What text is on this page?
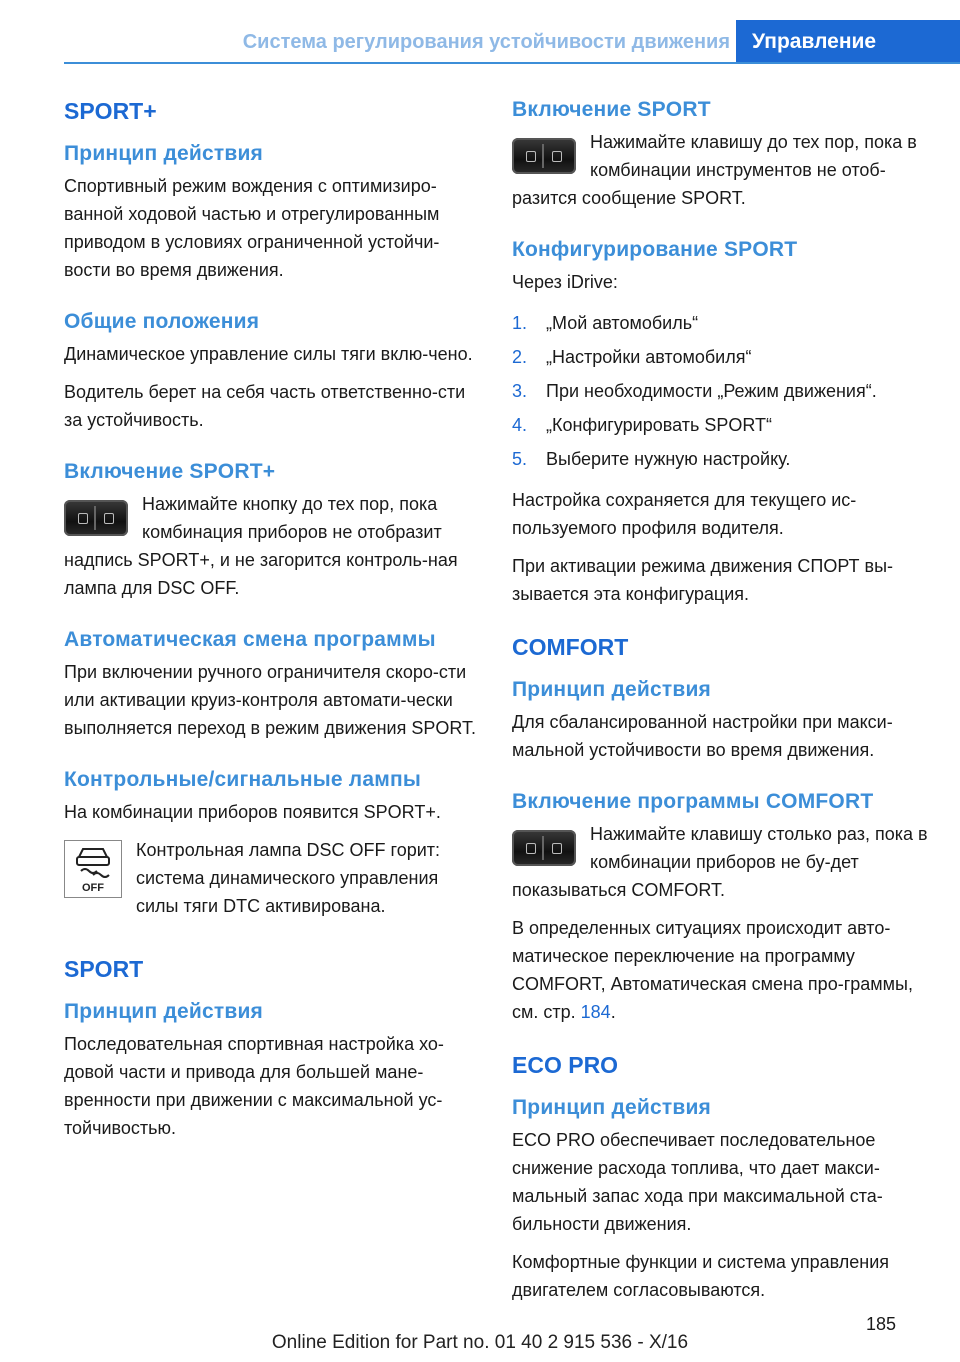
Система регулирования устойчивости движения	Управление
SPORT+
Принцип действия

Спортивный режим вождения с оптимизиро-ванной ходовой частью и отрегулированным приводом в условиях ограниченной устойчи-вости во время движения.

Общие положения

Динамическое управление силы тяги вклю-чено.

Водитель берет на себя часть ответственно-сти за устойчивость.

Включение SPORT+

Нажимайте кнопку до тех пор, пока комбинация приборов не отобразит надпись SPORT+, и не загорится контроль-ная лампа для DSC OFF.

Автоматическая смена программы

При включении ручного ограничителя скоро-сти или активации круиз-контроля автомати-чески выполняется переход в режим движения SPORT.

Контрольные/сигнальные лампы

На комбинации приборов появится SPORT+.

OFF

Контрольная лампа DSC OFF горит: система динамического управления силы тяги DTC активирована.

SPORT
Принцип действия

Последовательная спортивная настройка хо-довой части и привода для большей мане-вренности при движении с максимальной ус-тойчивостью.

Включение SPORT

Нажимайте клавишу до тех пор, пока в комбинации инструментов не отоб-разится сообщение SPORT.

Конфигурирование SPORT

Через iDrive:

1. „Мой автомобиль“
2. „Настройки автомобиля“
3. При необходимости „Режим движения“.
4. „Конфигурировать SPORT“
5. Выберите нужную настройку.

Настройка сохраняется для текущего ис-пользуемого профиля водителя.

При активации режима движения СПОРТ вы-зывается эта конфигурация.

COMFORT
Принцип действия

Для сбалансированной настройки при макси-мальной устойчивости во время движения.

Включение программы COMFORT

Нажимайте клавишу столько раз, пока в комбинации приборов не бу-дет показываться COMFORT.

В определенных ситуациях происходит авто-матическое переключение на программу COMFORT, Автоматическая смена про-граммы, см. стр. 184.

ECO PRO
Принцип действия

ECO PRO обеспечивает последовательное снижение расхода топлива, что дает макси-мальный запас хода при максимальной ста-бильности движения.

Комфортные функции и система управления двигателем согласовываются.

185
Online Edition for Part no. 01 40 2 915 536 - X/16
